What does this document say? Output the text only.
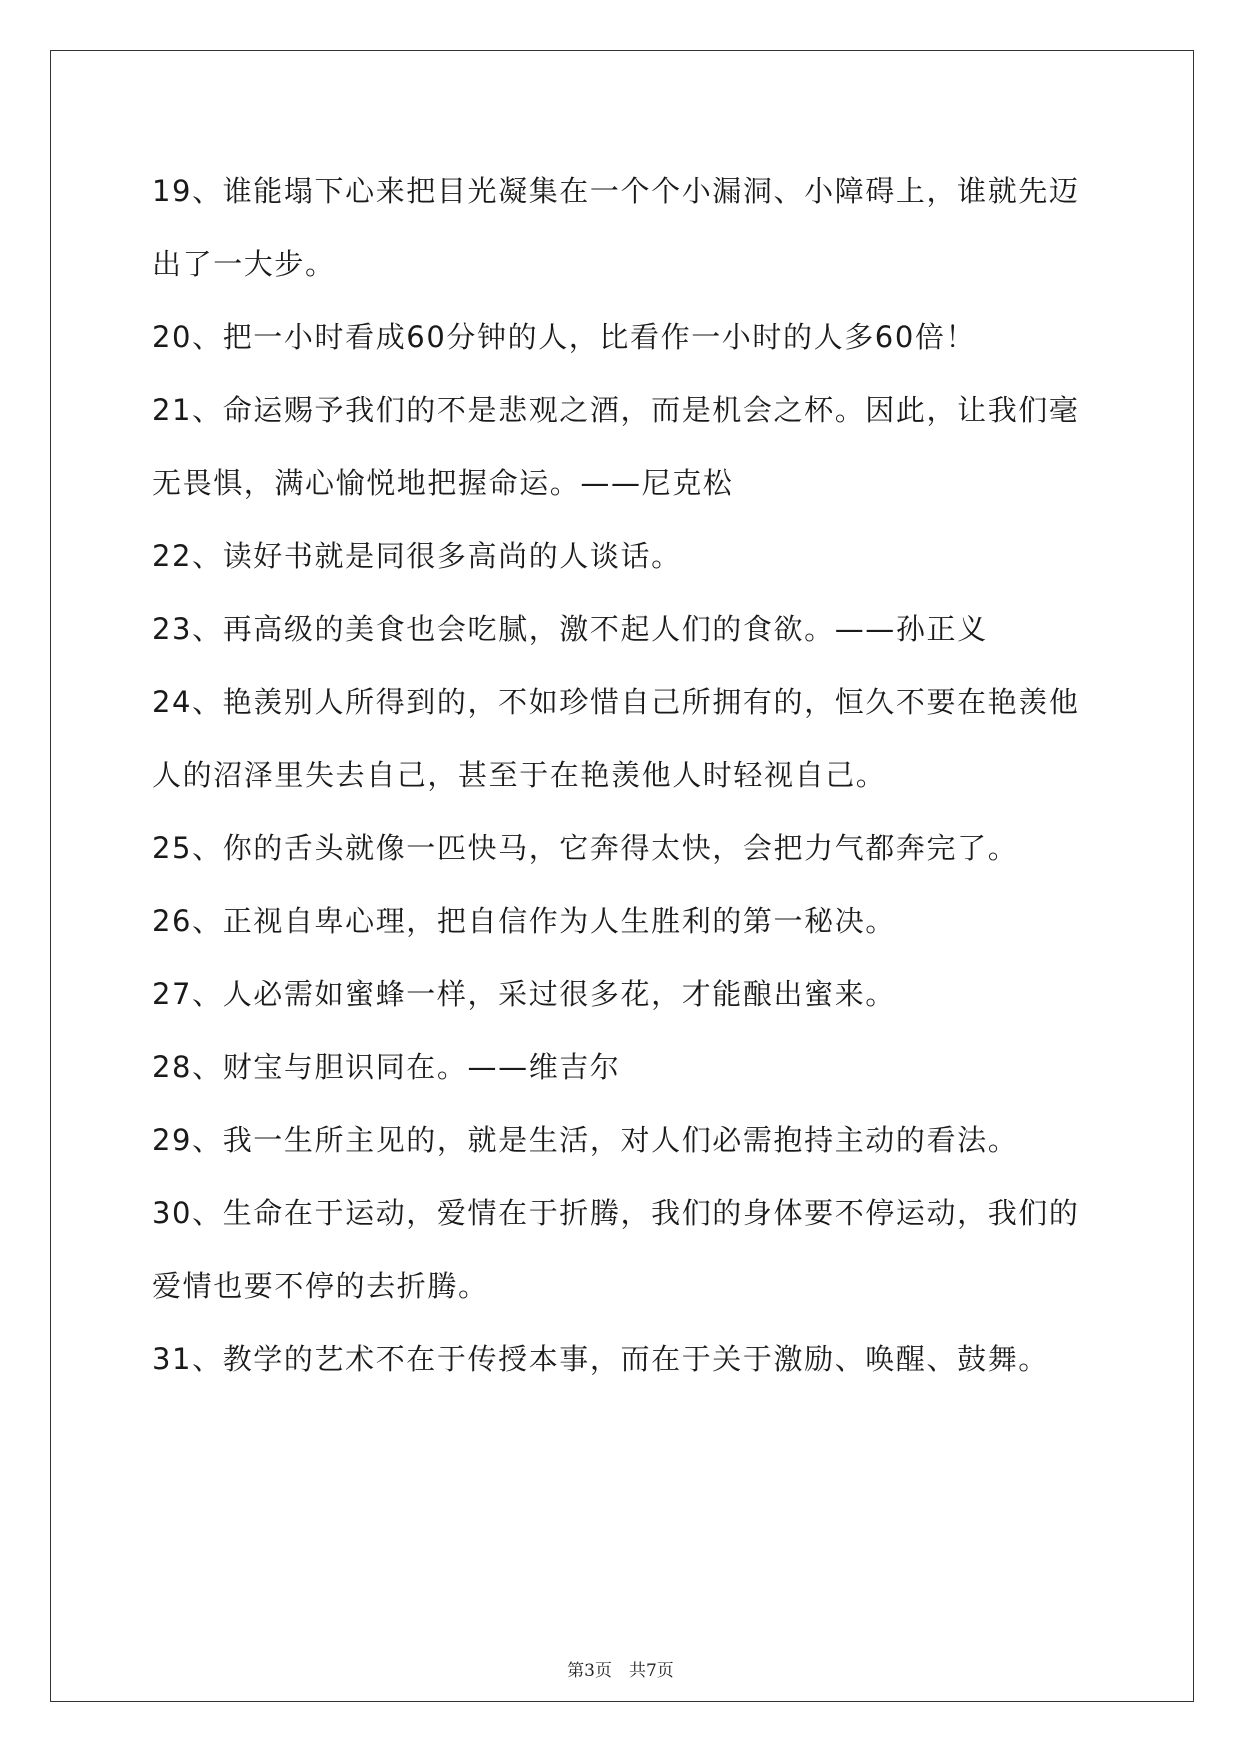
19、谁能塌下心来把目光凝集在一个个小漏洞、小障碍上，谁就先迈
出了一大步。
20、把一小时看成60分钟的人，比看作一小时的人多60倍！
21、命运赐予我们的不是悲观之酒，而是机会之杯。因此，让我们毫
无畏惧，满心愉悦地把握命运。——尼克松
22、读好书就是同很多高尚的人谈话。
23、再高级的美食也会吃腻，激不起人们的食欲。——孙正义
24、艳羡别人所得到的，不如珍惜自己所拥有的，恒久不要在艳羡他
人的沼泽里失去自己，甚至于在艳羡他人时轻视自己。
25、你的舌头就像一匹快马，它奔得太快，会把力气都奔完了。
26、正视自卑心理，把自信作为人生胜利的第一秘决。
27、人必需如蜜蜂一样，采过很多花，才能酿出蜜来。
28、财宝与胆识同在。——维吉尔
29、我一生所主见的，就是生活，对人们必需抱持主动的看法。
30、生命在于运动，爱情在于折腾，我们的身体要不停运动，我们的
爱情也要不停的去折腾。
31、教学的艺术不在于传授本事，而在于关于激励、唤醒、鼓舞。
第3页　共7页
